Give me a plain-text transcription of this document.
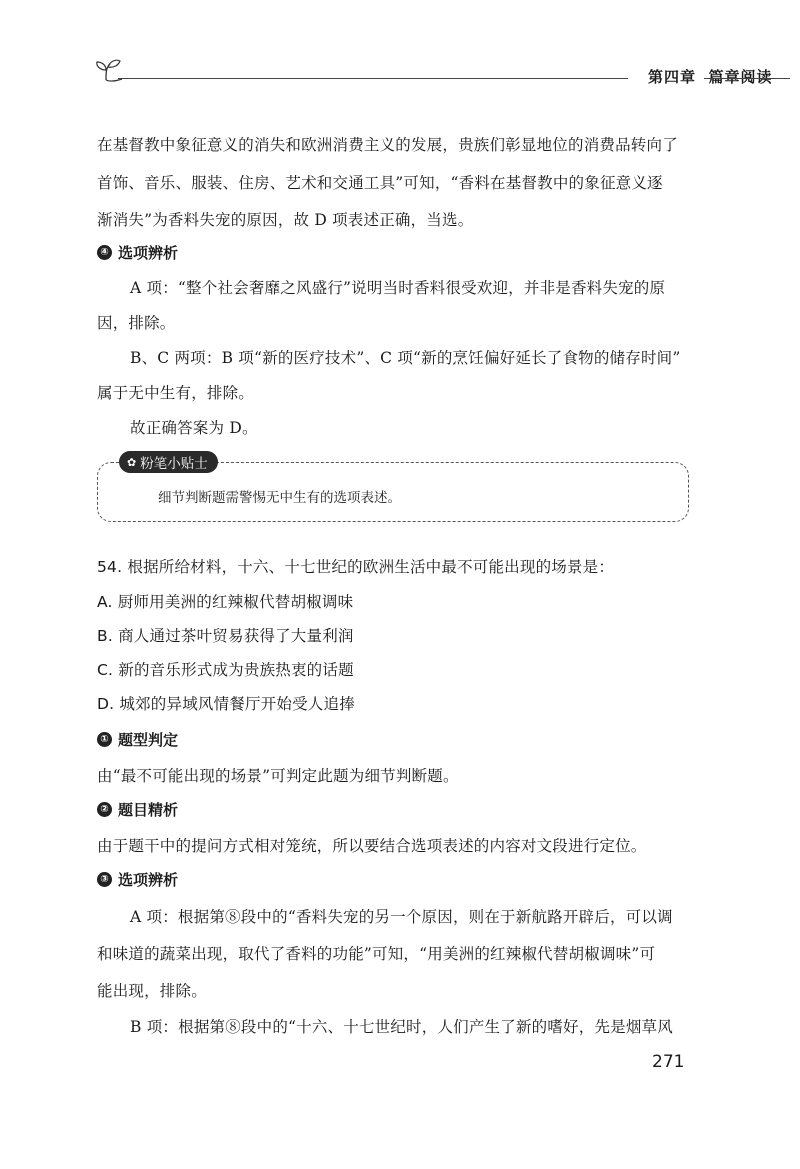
第四章 篇章阅读

在基督教中象征意义的消失和欧洲消费主义的发展，贵族们彰显地位的消费品转向了

首饰、音乐、服装、住房、艺术和交通工具”可知，“香料在基督教中的象征意义逐

渐消失”为香料失宠的原因，故 D 项表述正确，当选。

④ 选项辨析

A 项：“整个社会奢靡之风盛行”说明当时香料很受欢迎，并非是香料失宠的原

因，排除。

B、C 两项：B 项“新的医疗技术”、C 项“新的烹饪偏好延长了食物的储存时间”

属于无中生有，排除。

故正确答案为 D。

✿ 粉笔小贴士
细节判断题需警惕无中生有的选项表述。

54. 根据所给材料，十六、十七世纪的欧洲生活中最不可能出现的场景是：

A. 厨师用美洲的红辣椒代替胡椒调味

B. 商人通过茶叶贸易获得了大量利润

C. 新的音乐形式成为贵族热衷的话题

D. 城郊的异域风情餐厅开始受人追捧

① 题型判定

由“最不可能出现的场景”可判定此题为细节判断题。

② 题目精析

由于题干中的提问方式相对笼统，所以要结合选项表述的内容对文段进行定位。

③ 选项辨析

A 项：根据第⑧段中的“香料失宠的另一个原因，则在于新航路开辟后，可以调

和味道的蔬菜出现，取代了香料的功能”可知，“用美洲的红辣椒代替胡椒调味”可

能出现，排除。

B 项：根据第⑧段中的“十六、十七世纪时，人们产生了新的嗜好，先是烟草风

271
